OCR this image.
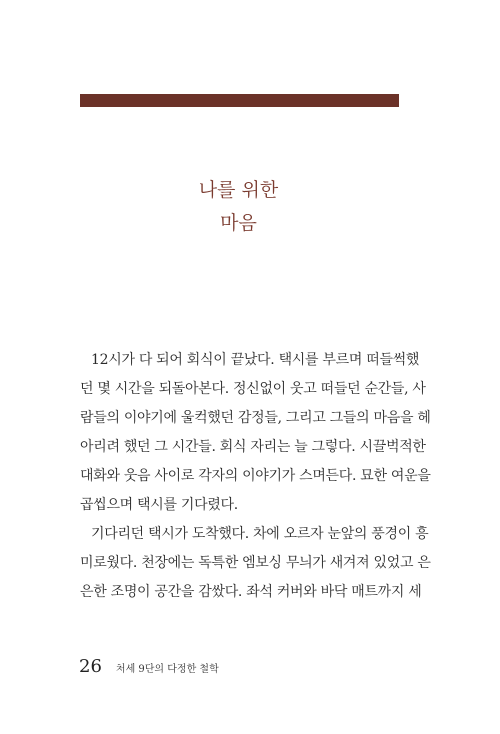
나를 위한
마음
12시가 다 되어 회식이 끝났다. 택시를 부르며 떠들썩했
던 몇 시간을 되돌아본다. 정신없이 웃고 떠들던 순간들, 사
람들의 이야기에 울컥했던 감정들, 그리고 그들의 마음을 헤
아리려 했던 그 시간들. 회식 자리는 늘 그렇다. 시끌벅적한
대화와 웃음 사이로 각자의 이야기가 스며든다. 묘한 여운을
곱씹으며 택시를 기다렸다.
기다리던 택시가 도착했다. 차에 오르자 눈앞의 풍경이 흥
미로웠다. 천장에는 독특한 엠보싱 무늬가 새겨져 있었고 은
은한 조명이 공간을 감쌌다. 좌석 커버와 바닥 매트까지 세
26 처세 9단의 다정한 철학
